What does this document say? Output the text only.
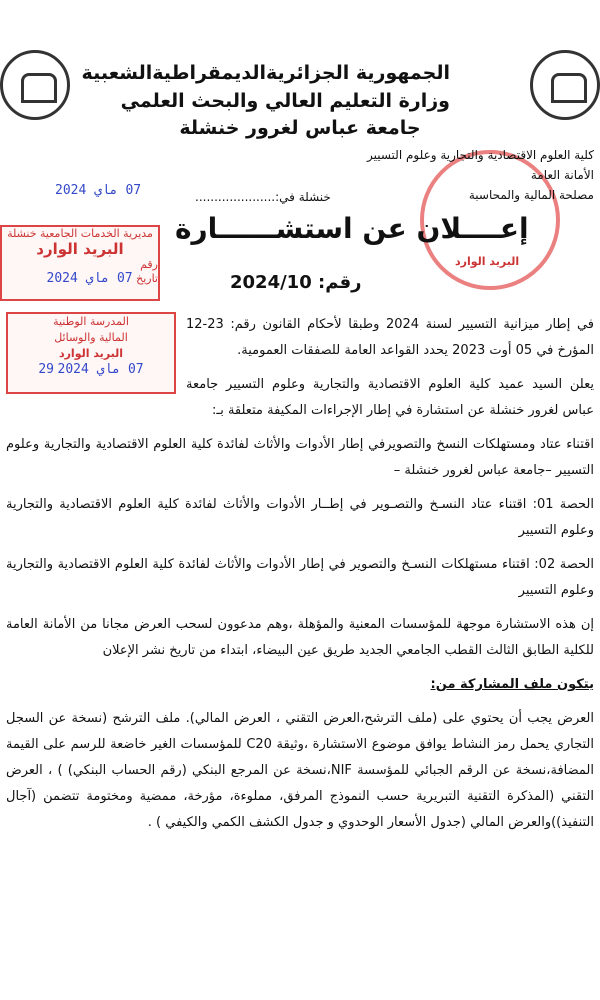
الجمهورية الجزائريةالديمقراطيةالشعبية
وزارة التعليم العالي والبحث العلمي
جامعة عباس لغرور خنشلة
كلية العلوم الاقتصادية والتجارية وعلوم التسيير
الأمانة العامة
مصلحة المالية والمحاسبة
خنشلة في:.....................
07 ماي 2024
إعــــلان عن استشــــــارة
رقم: 2024/10
مديرية الخدمات الجامعية خنشلة
البريد الوارد
رقم
تاريخ 07 ماي 2024
البريد الوارد
المدرسة الوطنية
المالية والوسائل
البريد الوارد
07 ماي 2024 29

في إطار ميزانية التسيير لسنة 2024 وطبقا لأحكام القانون رقم: 23-12 المؤرخ في 05 أوت 2023 يحدد القواعد العامة للصفقات العمومية.

يعلن السيد عميد كلية العلوم الاقتصادية والتجارية وعلوم التسيير جامعة عباس لغرور خنشلة عن استشارة في إطار الإجراءات المكيفة متعلقة بـ:

اقتناء عتاد ومستهلكات النسخ والتصويرفي إطار الأدوات والأثاث لفائدة كلية العلوم الاقتصادية والتجارية وعلوم التسيير –جامعة عباس لغرور خنشلة –

الحصة 01: اقتناء عتاد النسـخ والتصـوير في إطــار الأدوات والأثاث لفائدة كلية العلوم الاقتصادية والتجارية وعلوم التسيير

الحصة 02: اقتناء مستهلكات النسـخ والتصوير في إطار الأدوات والأثاث لفائدة كلية العلوم الاقتصادية والتجارية وعلوم التسيير

إن هذه الاستشارة موجهة للمؤسسات المعنية والمؤهلة ،وهم مدعوون لسحب العرض مجانا من الأمانة العامة للكلية الطابق الثالث القطب الجامعي الجديد طريق عين البيضاء، ابتداء من تاريخ نشر الإعلان

يتكون ملف المشاركة من:

العرض يجب أن يحتوي على (ملف الترشح،العرض التقني ، العرض المالي). ملف الترشح (نسخة عن السجل التجاري يحمل رمز النشاط يوافق موضوع الاستشارة ،وثيقة C20 للمؤسسات الغير خاضعة للرسم على القيمة المضافة،نسخة عن الرقم الجبائي للمؤسسة NIF،نسخة عن المرجع البنكي (رقم الحساب البنكي) ) ، العرض التقني (المذكرة التقنية التبريرية حسب النموذج المرفق، مملوءة، مؤرخة، ممضية ومختومة تتضمن (آجال التنفيذ))والعرض المالي (جدول الأسعار الوحدوي و جدول الكشف الكمي والكيفي ) .
